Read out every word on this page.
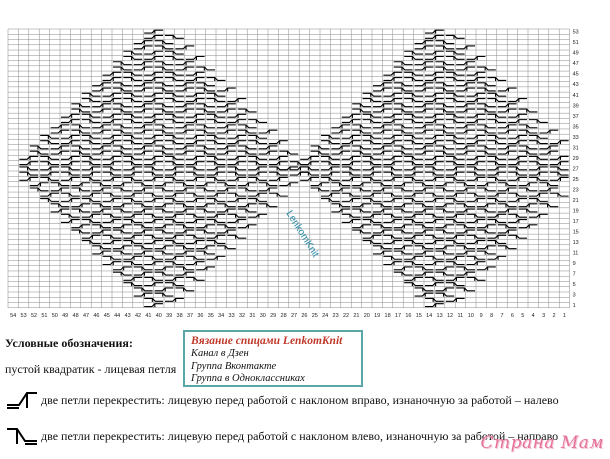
1
3
5
7
9
11
13
15
17
19
21
23
25
27
29
31
33
35
37
39
41
43
45
47
49
51
53
54 53 52 51 50 49 48 47 46 45 44 43 42 41 40 39 38 37 36 35 34 33 32 31 30 29 28 27 26 25 24 23 22 21 20 19 18 17 16 15 14 13 12 11 10 9 8 7 6 5 4 3 2 1
LenkomKnit
Условные обозначения:
пустой квадратик - лицевая петля
две петли перекрестить: лицевую перед работой с наклоном вправо, изнаночную за работой – налево
две петли перекрестить: лицевую перед работой с наклоном влево, изнаночную за работой – направо
Вязание спицами LenkomKnit
Канал в Дзен
Группа Вконтакте
Группа в Одноклассниках
Страна Мам
